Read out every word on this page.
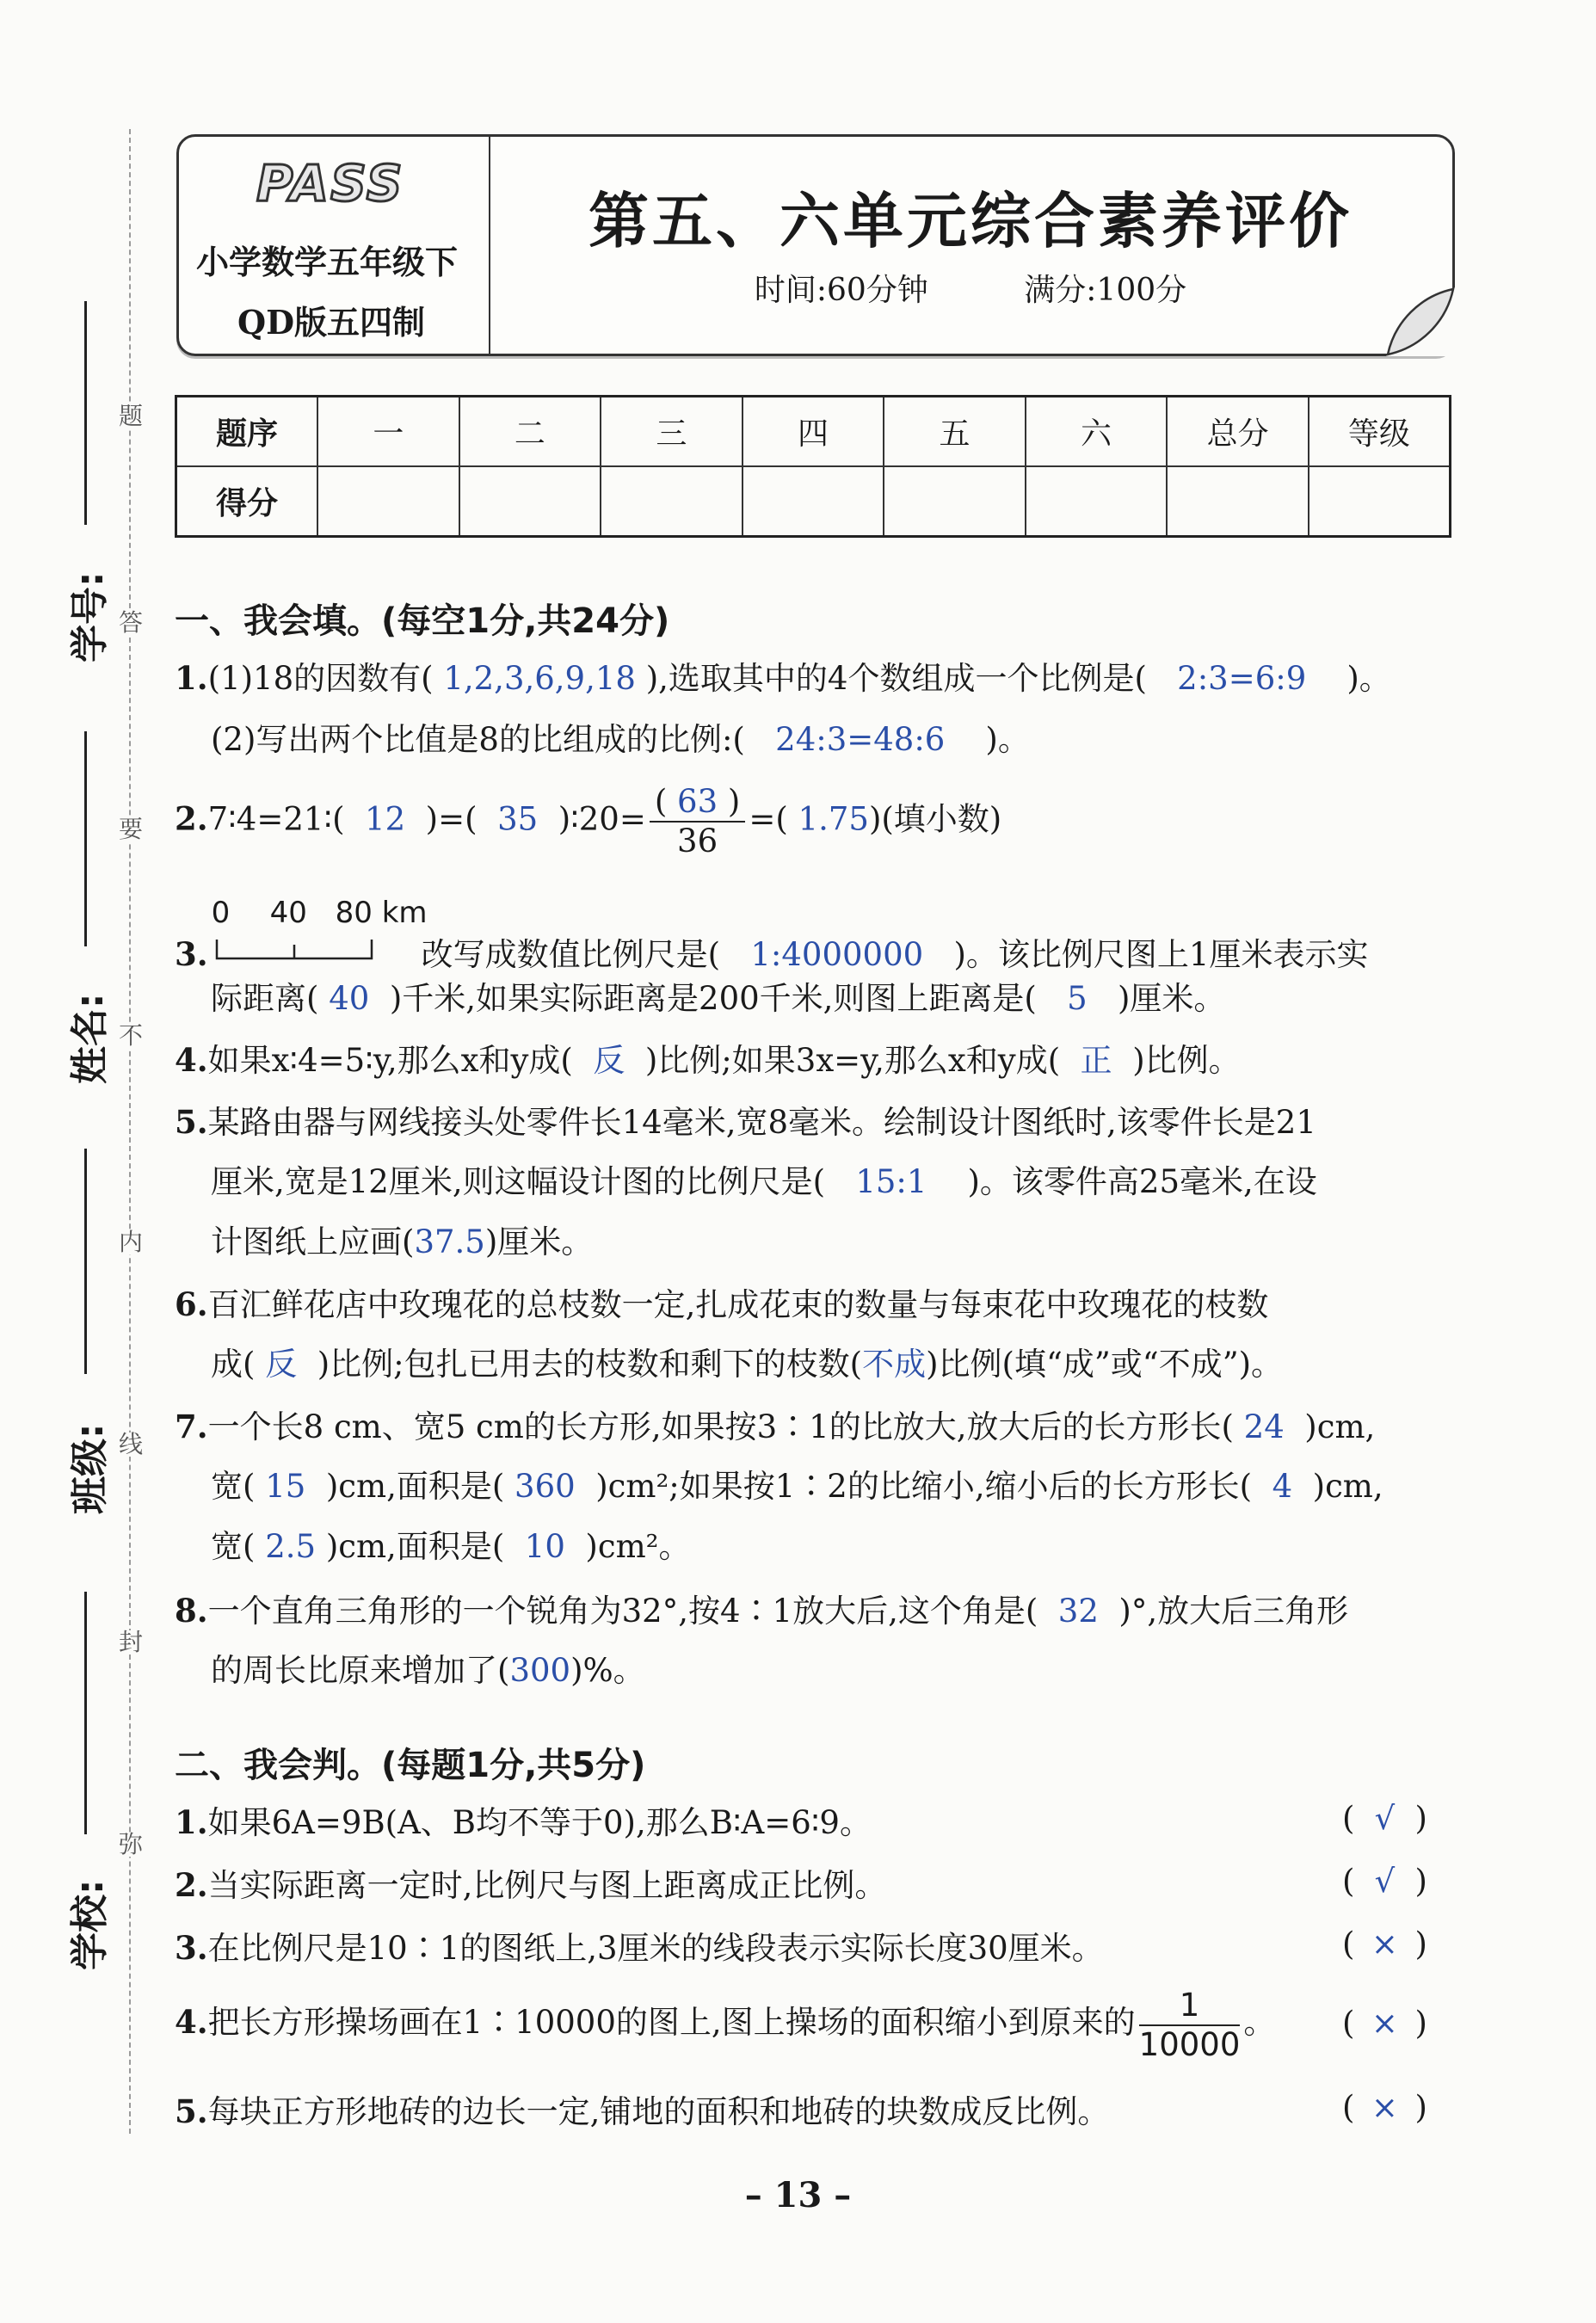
题
答
要
不
内
线
封
弥
学号:
姓名:
班级:
学校:
PASS
小学数学五年级下
QD版五四制
第五、六单元综合素养评价
时间:60分钟	满分:100分
题序	一	二	三	四	五	六	总分	等级
得分								
一、我会填。(每空1分,共24分)
1.(1)18的因数有( 1,2,3,6,9,18 ),选取其中的4个数组成一个比例是( 2:3=6:9 )。
(2)写出两个比值是8的比组成的比例:( 24:3=48:6 )。
2.7∶4=21∶( 12 )=( 35 )∶20= $\frac{( 63 )}{36}$ =( 1.75)(填小数)
3.
0 40 80 km
改写成数值比例尺是( 1:4000000 )。该比例尺图上1厘米表示实
际距离( 40 )千米,如果实际距离是200千米,则图上距离是( 5 )厘米。
4.如果x∶4=5∶y,那么x和y成( 反 )比例;如果3x=y,那么x和y成( 正 )比例。
5.某路由器与网线接头处零件长14毫米,宽8毫米。绘制设计图纸时,该零件长是21
厘米,宽是12厘米,则这幅设计图的比例尺是( 15:1 )。该零件高25毫米,在设
计图纸上应画(37.5)厘米。
6.百汇鲜花店中玫瑰花的总枝数一定,扎成花束的数量与每束花中玫瑰花的枝数
成( 反 )比例;包扎已用去的枝数和剩下的枝数(不成)比例(填“成”或“不成”)。
7.一个长8 cm、宽5 cm的长方形,如果按3∶1的比放大,放大后的长方形长( 24 )cm,
宽( 15 )cm,面积是( 360 )cm²;如果按1∶2的比缩小,缩小后的长方形长( 4 )cm,
宽( 2.5 )cm,面积是( 10 )cm²。
8.一个直角三角形的一个锐角为32°,按4∶1放大后,这个角是( 32 )°,放大后三角形
的周长比原来增加了(300)%。
二、我会判。(每题1分,共5分)
1.如果6A=9B(A、B均不等于0),那么B∶A=6∶9。	( √ )
2.当实际距离一定时,比例尺与图上距离成正比例。	( √ )
3.在比例尺是10∶1的图纸上,3厘米的线段表示实际长度30厘米。	( × )
4.把长方形操场画在1∶10000的图上,图上操场的面积缩小到原来的 $\frac{1}{10000}$ 。 ( × )
5.每块正方形地砖的边长一定,铺地的面积和地砖的块数成反比例。	( × )
– 13 –
